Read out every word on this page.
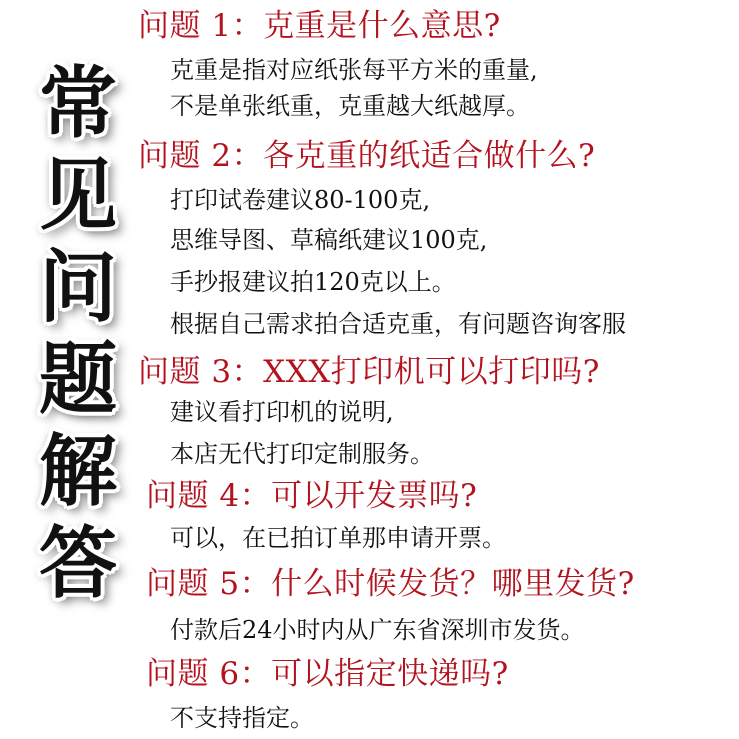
常
见
问
题
解
答
问题 1：克重是什么意思?
克重是指对应纸张每平方米的重量,
不是单张纸重，克重越大纸越厚。
问题 2：各克重的纸适合做什么?
打印试卷建议80-100克,
思维导图、草稿纸建议100克,
手抄报建议拍120克以上。
根据自己需求拍合适克重，有问题咨询客服
问题 3：XXX打印机可以打印吗?
建议看打印机的说明,
本店无代打印定制服务。
问题 4：可以开发票吗?
可以，在已拍订单那申请开票。
问题 5：什么时候发货？哪里发货?
付款后24小时内从广东省深圳市发货。
问题 6：可以指定快递吗?
不支持指定。
